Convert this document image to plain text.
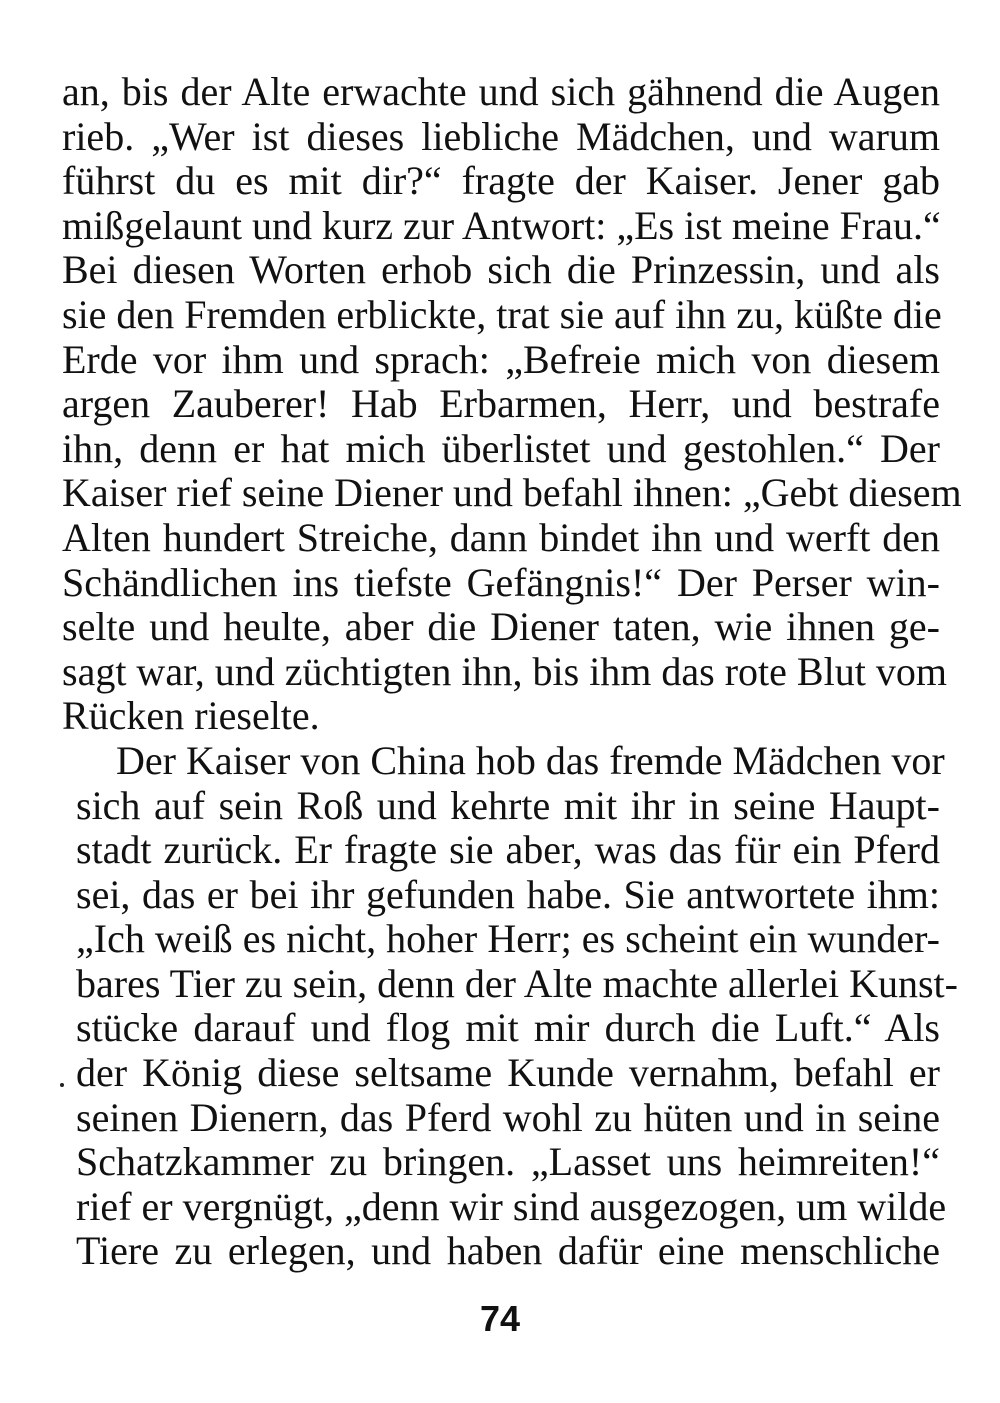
an, bis der Alte erwachte und sich gähnend die Augen
rieb. „Wer ist dieses liebliche Mädchen, und warum
führst du es mit dir?“ fragte der Kaiser. Jener gab
mißgelaunt und kurz zur Antwort: „Es ist meine Frau.“
Bei diesen Worten erhob sich die Prinzessin, und als
sie den Fremden erblickte, trat sie auf ihn zu, küßte die
Erde vor ihm und sprach: „Befreie mich von diesem
argen Zauberer! Hab Erbarmen, Herr, und bestrafe
ihn, denn er hat mich überlistet und gestohlen.“ Der
Kaiser rief seine Diener und befahl ihnen: „Gebt diesem
Alten hundert Streiche, dann bindet ihn und werft den
Schändlichen ins tiefste Gefängnis!“ Der Perser win-
selte und heulte, aber die Diener taten, wie ihnen ge-
sagt war, und züchtigten ihn, bis ihm das rote Blut vom
Rücken rieselte.
Der Kaiser von China hob das fremde Mädchen vor
sich auf sein Roß und kehrte mit ihr in seine Haupt-
stadt zurück. Er fragte sie aber, was das für ein Pferd
sei, das er bei ihr gefunden habe. Sie antwortete ihm:
„Ich weiß es nicht, hoher Herr; es scheint ein wunder-
bares Tier zu sein, denn der Alte machte allerlei Kunst-
stücke darauf und flog mit mir durch die Luft.“ Als
der König diese seltsame Kunde vernahm, befahl er
seinen Dienern, das Pferd wohl zu hüten und in seine
Schatzkammer zu bringen. „Lasset uns heimreiten!“
rief er vergnügt, „denn wir sind ausgezogen, um wilde
Tiere zu erlegen, und haben dafür eine menschliche
74
